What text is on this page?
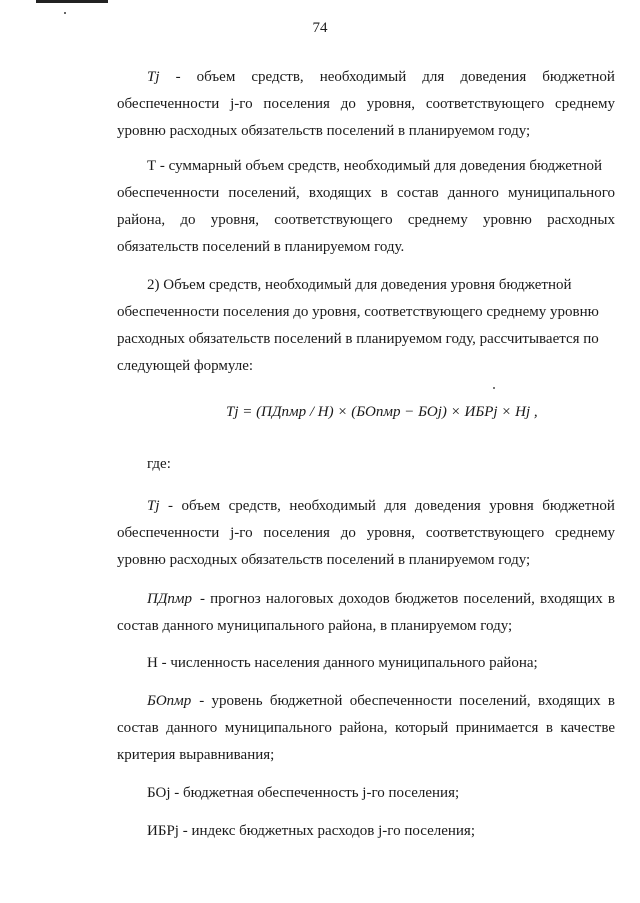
74
Tj - объем средств, необходимый для доведения бюджетной
обеспеченности j-го поселения до уровня, соответствующего среднему
уровню расходных обязательств поселений в планируемом году;
Т - суммарный объем средств, необходимый для доведения бюджетной
обеспеченности поселений, входящих в состав данного муниципального
района, до уровня, соответствующего среднему уровню расходных
обязательств поселений в планируемом году.
2) Объем средств, необходимый для доведения уровня бюджетной
обеспеченности поселения до уровня, соответствующего среднему уровню
расходных обязательств поселений в планируемом году, рассчитывается по
следующей формуле:
Tj = (ПДпмр / Н) × (БОпмр − БОj) × ИБРj × Нj ,
где:
Tj - объем средств, необходимый для доведения уровня бюджетной
обеспеченности j-го поселения до уровня, соответствующего среднему
уровню расходных обязательств поселений в планируемом году;
ПДпмр - прогноз налоговых доходов бюджетов поселений, входящих в
состав данного муниципального района, в планируемом году;
Н - численность населения данного муниципального района;
БОпмр - уровень бюджетной обеспеченности поселений, входящих в
состав данного муниципального района, который принимается в качестве
критерия выравнивания;
БОj - бюджетная обеспеченность j-го поселения;
ИБРj - индекс бюджетных расходов j-го поселения;
